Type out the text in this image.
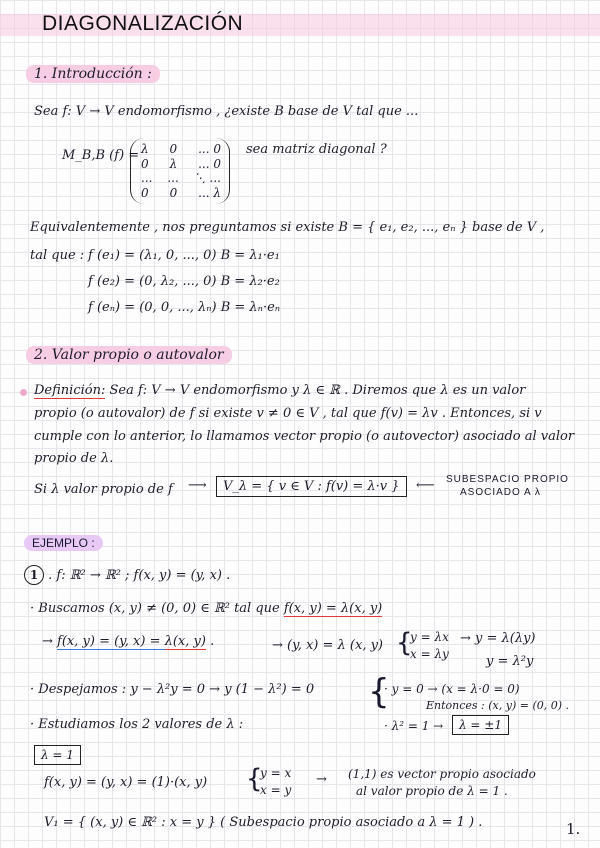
DIAGONALIZACIÓN
1. Introducción :
Sea f: V → V endomorfismo , ¿existe B base de V tal que ...
M_B,B (f) = λ 0 ... 0
0 λ ... 0
... ... ⋱ ...
0 0 ... λ
sea matriz diagonal ?
Equivalentemente , nos preguntamos si existe B = { e₁, e₂, ..., eₙ } base de V ,
tal que : f (e₁) = (λ₁, 0, ..., 0) B = λ₁·e₁
f (e₂) = (0, λ₂, ..., 0) B = λ₂·e₂
f (eₙ) = (0, 0, ..., λₙ) B = λₙ·eₙ
2. Valor propio o autovalor
Definición: Sea f: V → V endomorfismo y λ ∈ ℝ . Diremos que λ es un valor
propio (o autovalor) de f si existe v ≠ 0 ∈ V , tal que f(v) = λv . Entonces, si v
cumple con lo anterior, lo llamamos vector propio (o autovector) asociado al valor
propio de λ.
Si λ valor propio de f ⟶	V_λ = { v ∈ V : f(v) = λ·v }	⟵ SUBESPACIO PROPIO
ASOCIADO A λ
EJEMPLO :
1 . f: ℝ² → ℝ² ; f(x, y) = (y, x) .
· Buscamos (x, y) ≠ (0, 0) ∈ ℝ² tal que f(x, y) = λ(x, y)
→ f(x, y) = (y, x) = λ(x, y) .	→ (y, x) = λ (x, y) {
y = λx
x = λy
→ y = λ(λy)
y = λ²y
· Despejamos : y − λ²y = 0 → y (1 − λ²) = 0 {
· y = 0 → (x = λ·0 = 0)
Entonces : (x, y) = (0, 0) .
· Estudiamos los 2 valores de λ :	· λ² = 1 →	λ = ±1
λ = 1
f(x, y) = (y, x) = (1)·(x, y) {
y = x
x = y
→ (1,1) es vector propio asociado
al valor propio de λ = 1 .
V₁ = { (x, y) ∈ ℝ² : x = y } ( Subespacio propio asociado a λ = 1 ) .	1.
